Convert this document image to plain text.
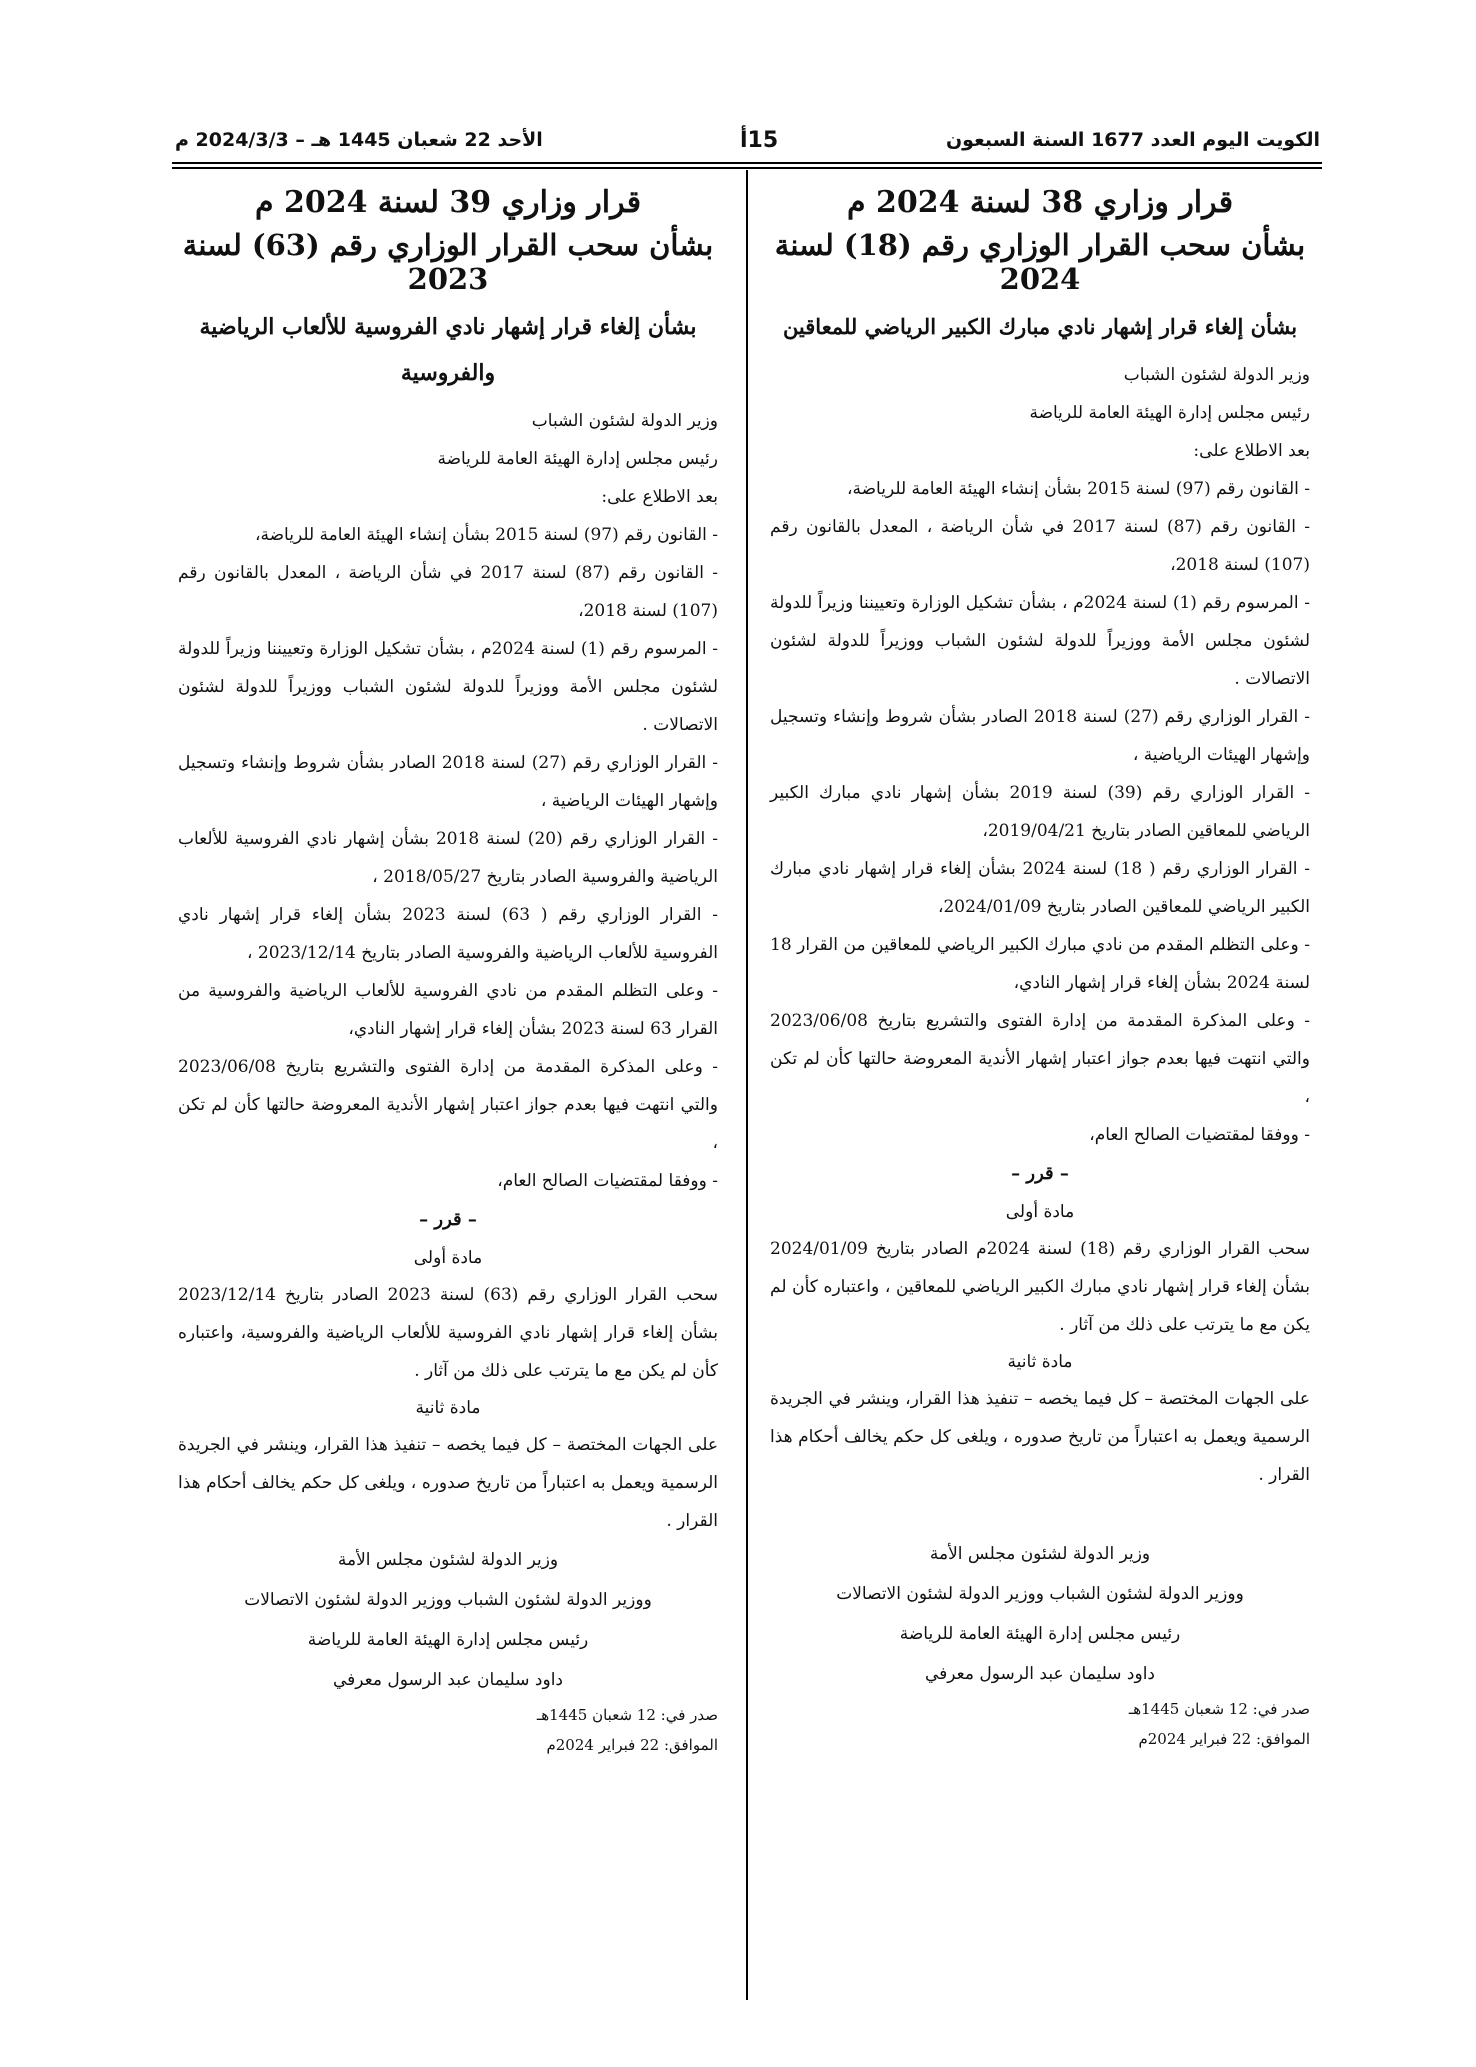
الكويت اليوم العدد 1677 السنة السبعون
15أ
الأحد 22 شعبان 1445 هـ – 2024/3/3 م
قرار وزاري 38 لسنة 2024 م
بشأن سحب القرار الوزاري رقم (18) لسنة 2024
بشأن إلغاء قرار إشهار نادي مبارك الكبير الرياضي للمعاقين

وزير الدولة لشئون الشباب

رئيس مجلس إدارة الهيئة العامة للرياضة

بعد الاطلاع على:

- القانون رقم (97) لسنة 2015 بشأن إنشاء الهيئة العامة للرياضة،

- القانون رقم (87) لسنة 2017 في شأن الرياضة ، المعدل بالقانون رقم (107) لسنة 2018،

- المرسوم رقم (1) لسنة 2024م ، بشأن تشكيل الوزارة وتعييننا وزيراً للدولة لشئون مجلس الأمة ووزيراً للدولة لشئون الشباب ووزيراً للدولة لشئون الاتصالات .

- القرار الوزاري رقم (27) لسنة 2018 الصادر بشأن شروط وإنشاء وتسجيل وإشهار الهيئات الرياضية ،

- القرار الوزاري رقم (39) لسنة 2019 بشأن إشهار نادي مبارك الكبير الرياضي للمعاقين الصادر بتاريخ 2019/04/21،

- القرار الوزاري رقم ( 18) لسنة 2024 بشأن إلغاء قرار إشهار نادي مبارك الكبير الرياضي للمعاقين الصادر بتاريخ 2024/01/09،

- وعلى التظلم المقدم من نادي مبارك الكبير الرياضي للمعاقين من القرار 18 لسنة 2024 بشأن إلغاء قرار إشهار النادي،

- وعلى المذكرة المقدمة من إدارة الفتوى والتشريع بتاريخ 2023/06/08 والتي انتهت فيها بعدم جواز اعتبار إشهار الأندية المعروضة حالتها كأن لم تكن ،

- ووفقا لمقتضيات الصالح العام،

– قرر –

مادة أولى

سحب القرار الوزاري رقم (18) لسنة 2024م الصادر بتاريخ 2024/01/09 بشأن إلغاء قرار إشهار نادي مبارك الكبير الرياضي للمعاقين ، واعتباره كأن لم يكن مع ما يترتب على ذلك من آثار .

مادة ثانية

على الجهات المختصة – كل فيما يخصه – تنفيذ هذا القرار، وينشر في الجريدة الرسمية ويعمل به اعتباراً من تاريخ صدوره ، ويلغى كل حكم يخالف أحكام هذا القرار .

وزير الدولة لشئون مجلس الأمة

ووزير الدولة لشئون الشباب ووزير الدولة لشئون الاتصالات

رئيس مجلس إدارة الهيئة العامة للرياضة

داود سليمان عبد الرسول معرفي

صدر في: 12 شعبان 1445هـ

الموافق: 22 فبراير 2024م

قرار وزاري 39 لسنة 2024 م
بشأن سحب القرار الوزاري رقم (63) لسنة 2023
بشأن إلغاء قرار إشهار نادي الفروسية للألعاب الرياضية والفروسية

وزير الدولة لشئون الشباب

رئيس مجلس إدارة الهيئة العامة للرياضة

بعد الاطلاع على:

- القانون رقم (97) لسنة 2015 بشأن إنشاء الهيئة العامة للرياضة،

- القانون رقم (87) لسنة 2017 في شأن الرياضة ، المعدل بالقانون رقم (107) لسنة 2018،

- المرسوم رقم (1) لسنة 2024م ، بشأن تشكيل الوزارة وتعييننا وزيراً للدولة لشئون مجلس الأمة ووزيراً للدولة لشئون الشباب ووزيراً للدولة لشئون الاتصالات .

- القرار الوزاري رقم (27) لسنة 2018 الصادر بشأن شروط وإنشاء وتسجيل وإشهار الهيئات الرياضية ،

- القرار الوزاري رقم (20) لسنة 2018 بشأن إشهار نادي الفروسية للألعاب الرياضية والفروسية الصادر بتاريخ 2018/05/27 ،

- القرار الوزاري رقم ( 63) لسنة 2023 بشأن إلغاء قرار إشهار نادي الفروسية للألعاب الرياضية والفروسية الصادر بتاريخ 2023/12/14 ،

- وعلى التظلم المقدم من نادي الفروسية للألعاب الرياضية والفروسية من القرار 63 لسنة 2023 بشأن إلغاء قرار إشهار النادي،

- وعلى المذكرة المقدمة من إدارة الفتوى والتشريع بتاريخ 2023/06/08 والتي انتهت فيها بعدم جواز اعتبار إشهار الأندية المعروضة حالتها كأن لم تكن ،

- ووفقا لمقتضيات الصالح العام،

– قرر –

مادة أولى

سحب القرار الوزاري رقم (63) لسنة 2023 الصادر بتاريخ 2023/12/14 بشأن إلغاء قرار إشهار نادي الفروسية للألعاب الرياضية والفروسية، واعتباره كأن لم يكن مع ما يترتب على ذلك من آثار .

مادة ثانية

على الجهات المختصة – كل فيما يخصه – تنفيذ هذا القرار، وينشر في الجريدة الرسمية ويعمل به اعتباراً من تاريخ صدوره ، ويلغى كل حكم يخالف أحكام هذا القرار .

وزير الدولة لشئون مجلس الأمة

ووزير الدولة لشئون الشباب ووزير الدولة لشئون الاتصالات

رئيس مجلس إدارة الهيئة العامة للرياضة

داود سليمان عبد الرسول معرفي

صدر في: 12 شعبان 1445هـ

الموافق: 22 فبراير 2024م
